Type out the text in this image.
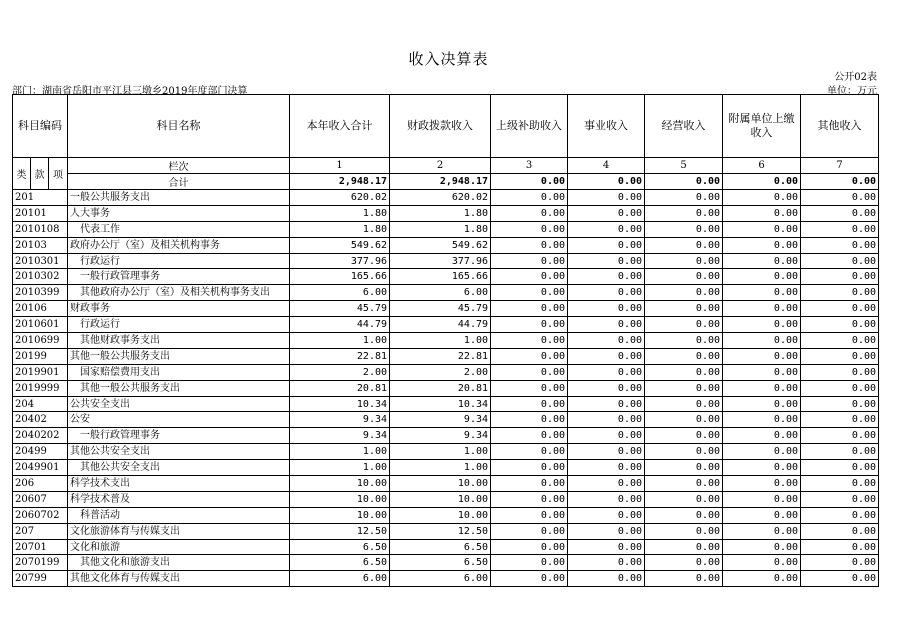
收入决算表
公开02表
部门：湖南省岳阳市平江县三墩乡2019年度部门决算	单位：万元
科目编码			科目名称	本年收入合计	财政拨款收入	上级补助收入	事业收入	经营收入	附属单位上缴收入	其他收入
类	款	项	栏次	1	2	3	4	5	6	7
			合计	2,948.17	2,948.17	0.00	0.00	0.00	0.00	0.00
201			一般公共服务支出	620.02	620.02	0.00	0.00	0.00	0.00	0.00
20101			人大事务	1.80	1.80	0.00	0.00	0.00	0.00	0.00
2010108			代表工作	1.80	1.80	0.00	0.00	0.00	0.00	0.00
20103			政府办公厅（室）及相关机构事务	549.62	549.62	0.00	0.00	0.00	0.00	0.00
2010301			行政运行	377.96	377.96	0.00	0.00	0.00	0.00	0.00
2010302			一般行政管理事务	165.66	165.66	0.00	0.00	0.00	0.00	0.00
2010399			其他政府办公厅（室）及相关机构事务支出	6.00	6.00	0.00	0.00	0.00	0.00	0.00
20106			财政事务	45.79	45.79	0.00	0.00	0.00	0.00	0.00
2010601			行政运行	44.79	44.79	0.00	0.00	0.00	0.00	0.00
2010699			其他财政事务支出	1.00	1.00	0.00	0.00	0.00	0.00	0.00
20199			其他一般公共服务支出	22.81	22.81	0.00	0.00	0.00	0.00	0.00
2019901			国家赔偿费用支出	2.00	2.00	0.00	0.00	0.00	0.00	0.00
2019999			其他一般公共服务支出	20.81	20.81	0.00	0.00	0.00	0.00	0.00
204			公共安全支出	10.34	10.34	0.00	0.00	0.00	0.00	0.00
20402			公安	9.34	9.34	0.00	0.00	0.00	0.00	0.00
2040202			一般行政管理事务	9.34	9.34	0.00	0.00	0.00	0.00	0.00
20499			其他公共安全支出	1.00	1.00	0.00	0.00	0.00	0.00	0.00
2049901			其他公共安全支出	1.00	1.00	0.00	0.00	0.00	0.00	0.00
206			科学技术支出	10.00	10.00	0.00	0.00	0.00	0.00	0.00
20607			科学技术普及	10.00	10.00	0.00	0.00	0.00	0.00	0.00
2060702			科普活动	10.00	10.00	0.00	0.00	0.00	0.00	0.00
207			文化旅游体育与传媒支出	12.50	12.50	0.00	0.00	0.00	0.00	0.00
20701			文化和旅游	6.50	6.50	0.00	0.00	0.00	0.00	0.00
2070199			其他文化和旅游支出	6.50	6.50	0.00	0.00	0.00	0.00	0.00
20799			其他文化体育与传媒支出	6.00	6.00	0.00	0.00	0.00	0.00	0.00
